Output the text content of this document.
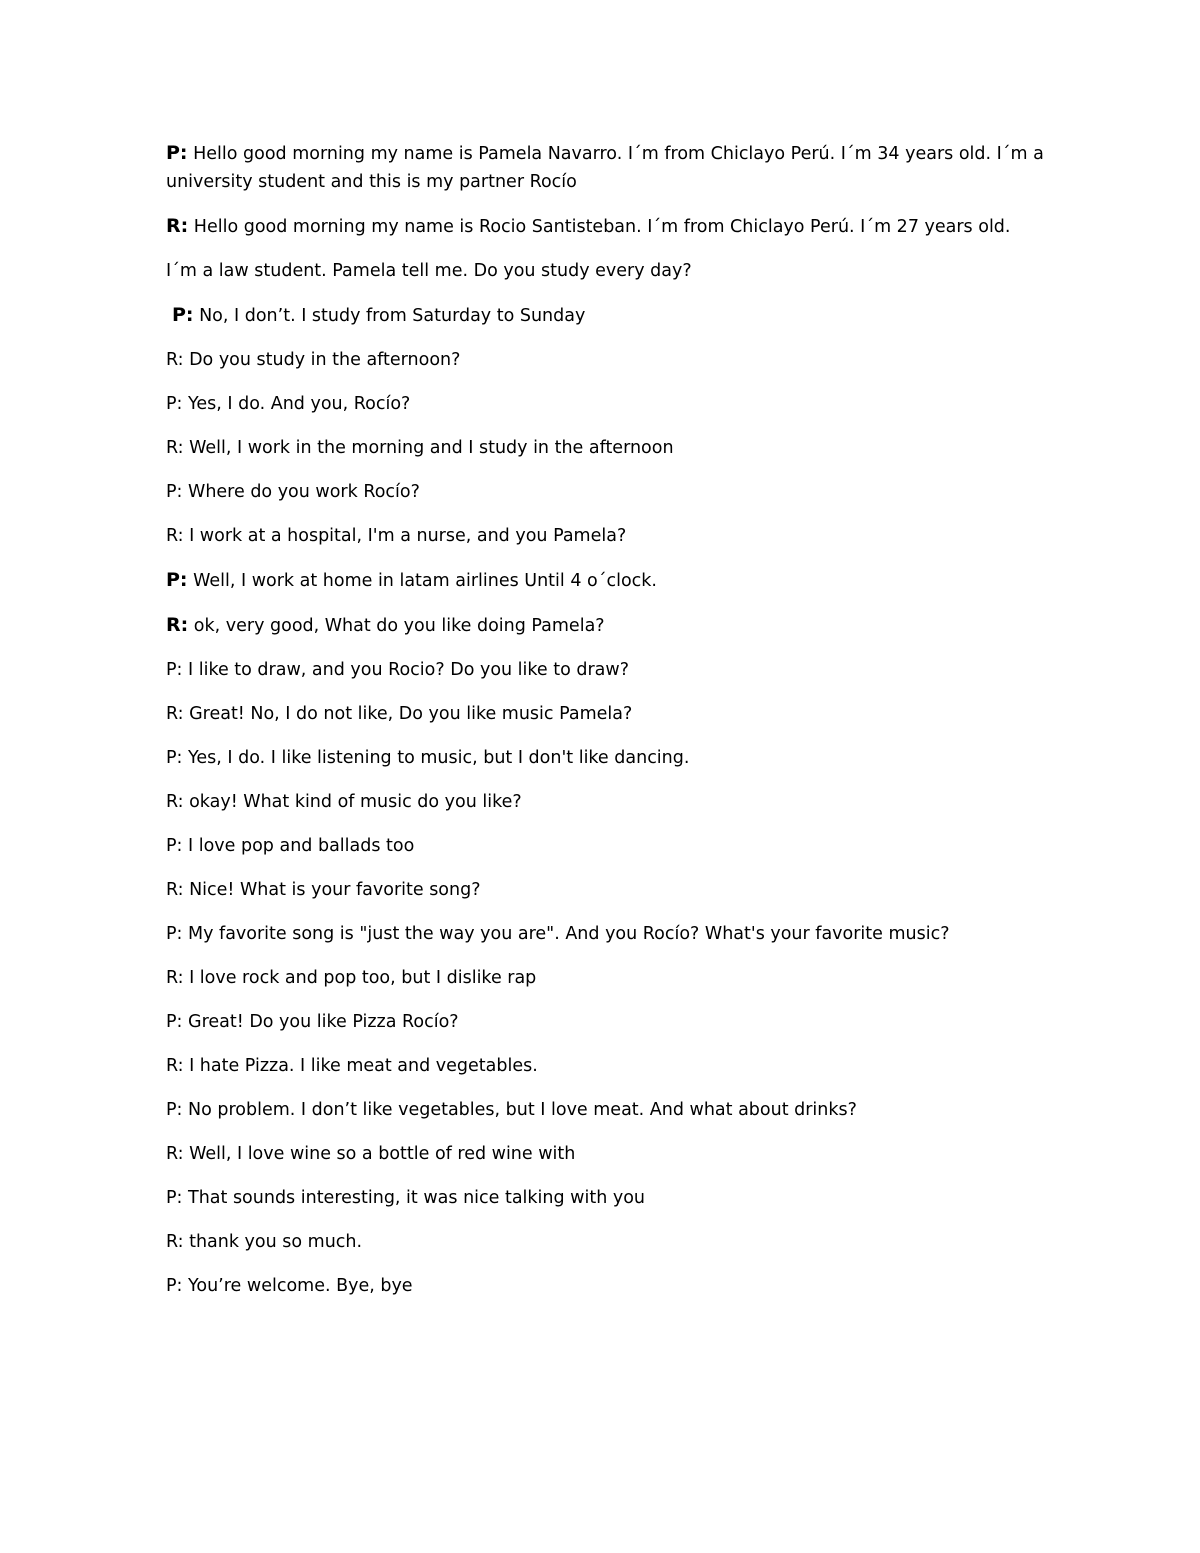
P: Hello good morning my name is Pamela Navarro. I´m from Chiclayo Perú. I´m 34 years old. I´m a university student and this is my partner Rocío

R: Hello good morning my name is Rocio Santisteban. I´m from Chiclayo Perú. I´m 27 years old.

I´m a law student. Pamela tell me. Do you study every day?

P: No, I don’t. I study from Saturday to Sunday

R: Do you study in the afternoon?

P: Yes, I do. And you, Rocío?

R: Well, I work in the morning and I study in the afternoon

P: Where do you work Rocío?

R: I work at a hospital, I'm a nurse, and you Pamela?

P: Well, I work at home in latam airlines Until 4 o´clock.

R: ok, very good, What do you like doing Pamela?

P: I like to draw, and you Rocio? Do you like to draw?

R: Great! No, I do not like, Do you like music Pamela?

P: Yes, I do. I like listening to music, but I don't like dancing.

R: okay! What kind of music do you like?

P: I love pop and ballads too

R: Nice! What is your favorite song?

P: My favorite song is "just the way you are". And you Rocío? What's your favorite music?

R: I love rock and pop too, but I dislike rap

P: Great! Do you like Pizza Rocío?

R: I hate Pizza. I like meat and vegetables.

P: No problem. I don’t like vegetables, but I love meat. And what about drinks?

R: Well, I love wine so a bottle of red wine with

P: That sounds interesting, it was nice talking with you

R: thank you so much.

P: You’re welcome. Bye, bye
